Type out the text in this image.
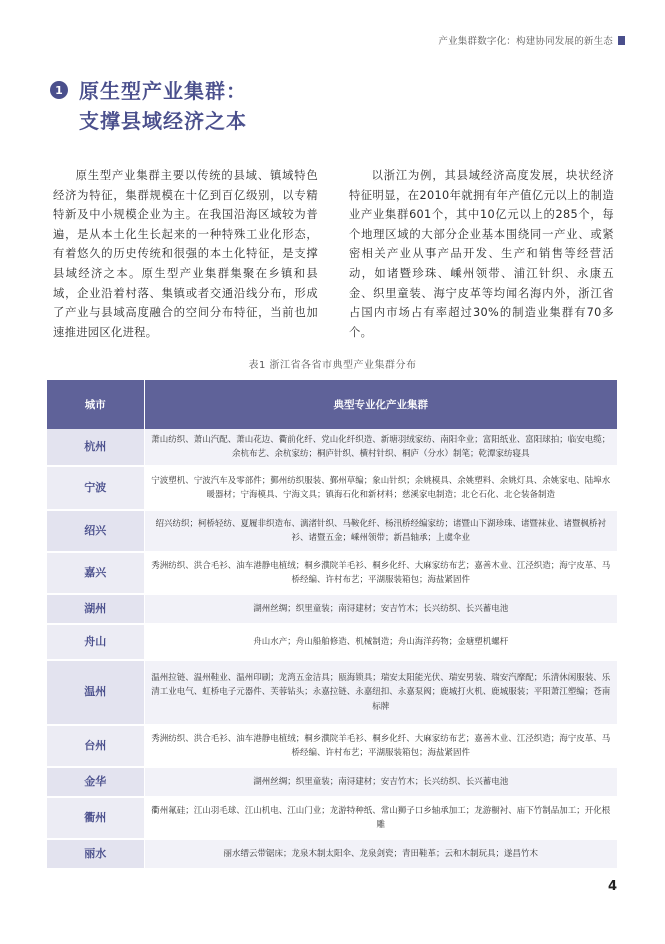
产业集群数字化：构建协同发展的新生态
1 原生型产业集群：
支撑县域经济之本

原生型产业集群主要以传统的县域、镇域特色经济为特征，集群规模在十亿到百亿级别，以专精特新及中小规模企业为主。在我国沿海区域较为普遍，是从本土化生长起来的一种特殊工业化形态，有着悠久的历史传统和很强的本土化特征，是支撑县域经济之本。原生型产业集群集聚在乡镇和县域，企业沿着村落、集镇或者交通沿线分布，形成了产业与县域高度融合的空间分布特征，当前也加速推进园区化进程。

以浙江为例，其县域经济高度发展，块状经济特征明显，在2010年就拥有年产值亿元以上的制造业产业集群601个，其中10亿元以上的285个，每个地理区域的大部分企业基本围绕同一产业、或紧密相关产业从事产品开发、生产和销售等经营活动，如诸暨珍珠、嵊州领带、浦江针织、永康五金、织里童装、海宁皮革等均闻名海内外，浙江省占国内市场占有率超过30%的制造业集群有70多个。

表1 浙江省各省市典型产业集群分布
城市	典型专业化产业集群
杭州	萧山纺织、萧山汽配、萧山花边、衢前化纤、党山化纤织造、新塘羽绒家纺、南阳伞业；富阳纸业、富阳球拍；临安电缆；余杭布艺、余杭家纺；桐庐针织、横村针织、桐庐（分水）制笔；乾潭家纺寝具
宁波	宁波塑机、宁波汽车及零部件；鄞州纺织服装、鄞州草编；象山针织；余姚模具、余姚塑料、余姚灯具、余姚家电、陆埠水暖器材；宁海模具、宁海文具；镇海石化和新材料；慈溪家电制造；北仑石化、北仑装备制造
绍兴	绍兴纺织；柯桥轻纺、夏履非织造布、漓渚针织、马鞍化纤、杨汛桥经编家纺；诸暨山下湖珍珠、诸暨袜业、诸暨枫桥衬衫、诸暨五金；嵊州领带；新昌轴承；上虞伞业
嘉兴	秀洲纺织、洪合毛衫、油车港静电植绒；桐乡濮院羊毛衫、桐乡化纤、大麻家纺布艺；嘉善木业、江泾织造；海宁皮革、马桥经编、许村布艺；平湖服装箱包；海盐紧固件
湖州	湖州丝绸；织里童装；南浔建材；安吉竹木；长兴纺织、长兴蓄电池
舟山	舟山水产；舟山船舶修造、机械制造；舟山海洋药物；金塘塑机螺杆
温州	温州拉链、温州鞋业、温州印刷；龙湾五金洁具；瓯海锁具；瑞安太阳能光伏、瑞安男装、瑞安汽摩配；乐清休闲服装、乐清工业电气、虹桥电子元器件、芙蓉钻头；永嘉拉链、永嘉纽扣、永嘉泵阀；鹿城打火机、鹿城服装；平阳萧江塑编；苍南标牌
台州	秀洲纺织、洪合毛衫、油车港静电植绒；桐乡濮院羊毛衫、桐乡化纤、大麻家纺布艺；嘉善木业、江泾织造；海宁皮革、马桥经编、许村布艺；平湖服装箱包；海盐紧固件
金华	湖州丝绸；织里童装；南浔建材；安吉竹木；长兴纺织、长兴蓄电池
衢州	衢州氟硅；江山羽毛球、江山机电、江山门业；龙游特种纸、常山狮子口乡轴承加工；龙游橱衬、庙下竹制品加工；开化根雕
丽水	丽水缙云带锯床；龙泉木制太阳伞、龙泉剑瓷；青田鞋革；云和木制玩具；遂昌竹木
4
